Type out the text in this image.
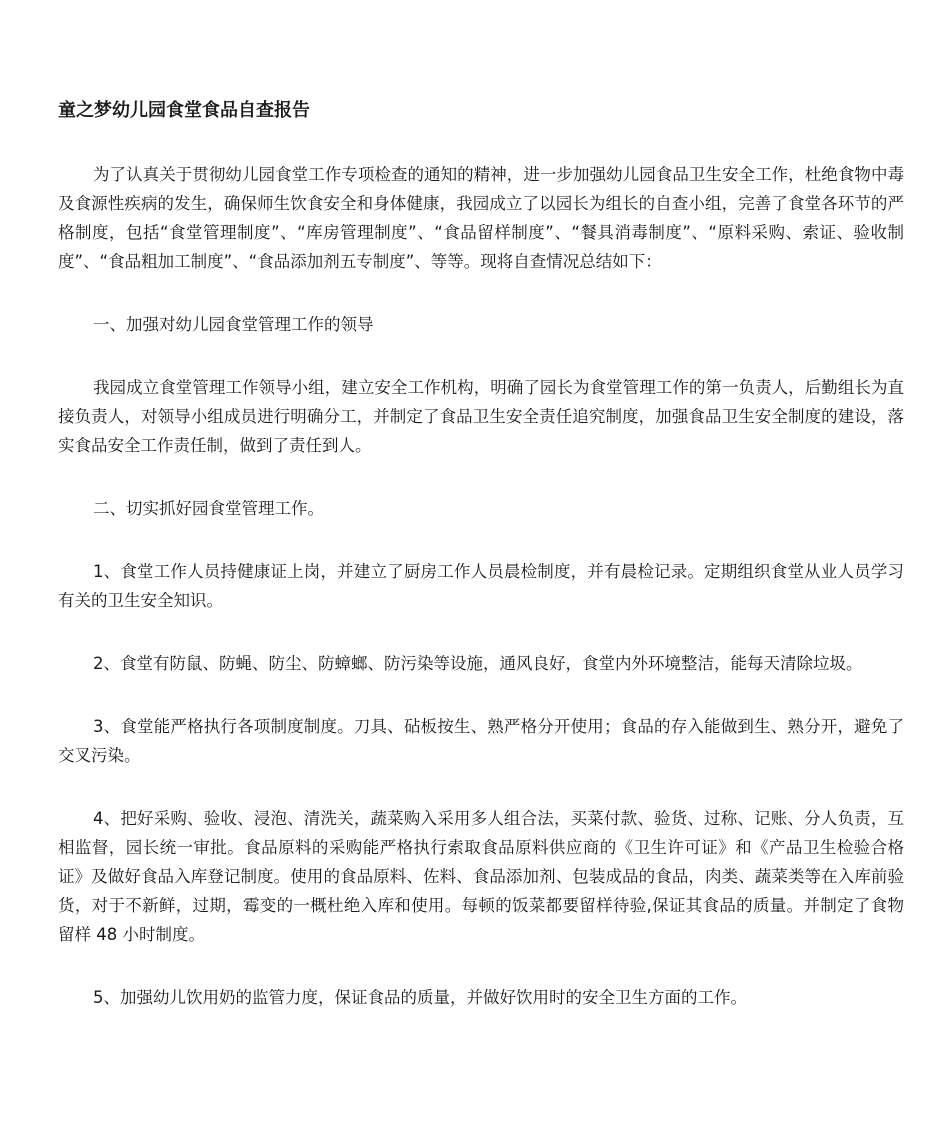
童之梦幼儿园食堂食品自查报告
为了认真关于贯彻幼儿园食堂工作专项检查的通知的精神，进一步加强幼儿园食品卫生安全工作，杜绝食物中毒及食源性疾病的发生，确保师生饮食安全和身体健康，我园成立了以园长为组长的自查小组，完善了食堂各环节的严格制度，包括“食堂管理制度”、“库房管理制度”、“食品留样制度”、“餐具消毒制度”、“原料采购、索证、验收制度”、“食品粗加工制度”、“食品添加剂五专制度”、等等。现将自查情况总结如下：
一、加强对幼儿园食堂管理工作的领导
我园成立食堂管理工作领导小组，建立安全工作机构，明确了园长为食堂管理工作的第一负责人，后勤组长为直接负责人，对领导小组成员进行明确分工，并制定了食品卫生安全责任追究制度，加强食品卫生安全制度的建设，落实食品安全工作责任制，做到了责任到人。
二、切实抓好园食堂管理工作。
1、食堂工作人员持健康证上岗，并建立了厨房工作人员晨检制度，并有晨检记录。定期组织食堂从业人员学习有关的卫生安全知识。
2、食堂有防鼠、防蝇、防尘、防蟑螂、防污染等设施，通风良好，食堂内外环境整洁，能每天清除垃圾。
3、食堂能严格执行各项制度制度。刀具、砧板按生、熟严格分开使用；食品的存入能做到生、熟分开，避免了交叉污染。
4、把好采购、验收、浸泡、清洗关，蔬菜购入采用多人组合法，买菜付款、验货、过称、记账、分人负责，互相监督，园长统一审批。食品原料的采购能严格执行索取食品原料供应商的《卫生许可证》和《产品卫生检验合格证》及做好食品入库登记制度。使用的食品原料、佐料、食品添加剂、包装成品的食品，肉类、蔬菜类等在入库前验货，对于不新鲜，过期，霉变的一概杜绝入库和使用。每顿的饭菜都要留样待验,保证其食品的质量。并制定了食物留样 48 小时制度。
5、加强幼儿饮用奶的监管力度，保证食品的质量，并做好饮用时的安全卫生方面的工作。
